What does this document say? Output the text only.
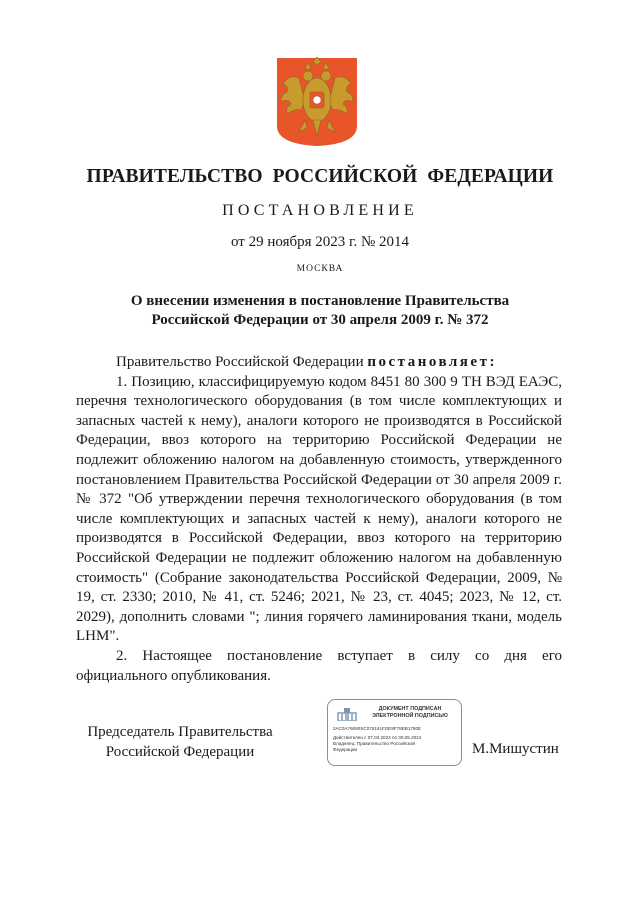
ПРАВИТЕЛЬСТВО РОССИЙСКОЙ ФЕДЕРАЦИИ
ПОСТАНОВЛЕНИЕ
от 29 ноября 2023 г. № 2014
МОСКВА
О внесении изменения в постановление Правительства
Российской Федерации от 30 апреля 2009 г. № 372

Правительство Российской Федерации постановляет:

1. Позицию, классифицируемую кодом 8451 80 300 9 ТН ВЭД ЕАЭС, перечня технологического оборудования (в том числе комплектующих и запасных частей к нему), аналоги которого не производятся в Российской Федерации, ввоз которого на территорию Российской Федерации не подлежит обложению налогом на добавленную стоимость, утвержденного постановлением Правительства Российской Федерации от 30 апреля 2009 г. № 372 "Об утверждении перечня технологического оборудования (в том числе комплектующих и запасных частей к нему), аналоги которого не производятся в Российской Федерации, ввоз которого на территорию Российской Федерации не подлежит обложению налогом на добавленную стоимость" (Собрание законодательства Российской Федерации, 2009, № 19, ст. 2330; 2010, № 41, ст. 5246; 2021, № 23, ст. 4045; 2023, № 12, ст. 2029), дополнить словами "; линия горячего ламинирования ткани, модель LHM".

2. Настоящее постановление вступает в силу со дня его официального опубликования.

Председатель Правительства
Российской Федерации
ДОКУМЕНТ ПОДПИСАН
ЭЛЕКТРОННОЙ ПОДПИСЬЮ
2AC0A76090SC076161FDE9F78EB1780E
Действителен с 07.03.2023 по 30.05.2024
Владелец: Правительство Российской
Федерации	М.Мишустин
